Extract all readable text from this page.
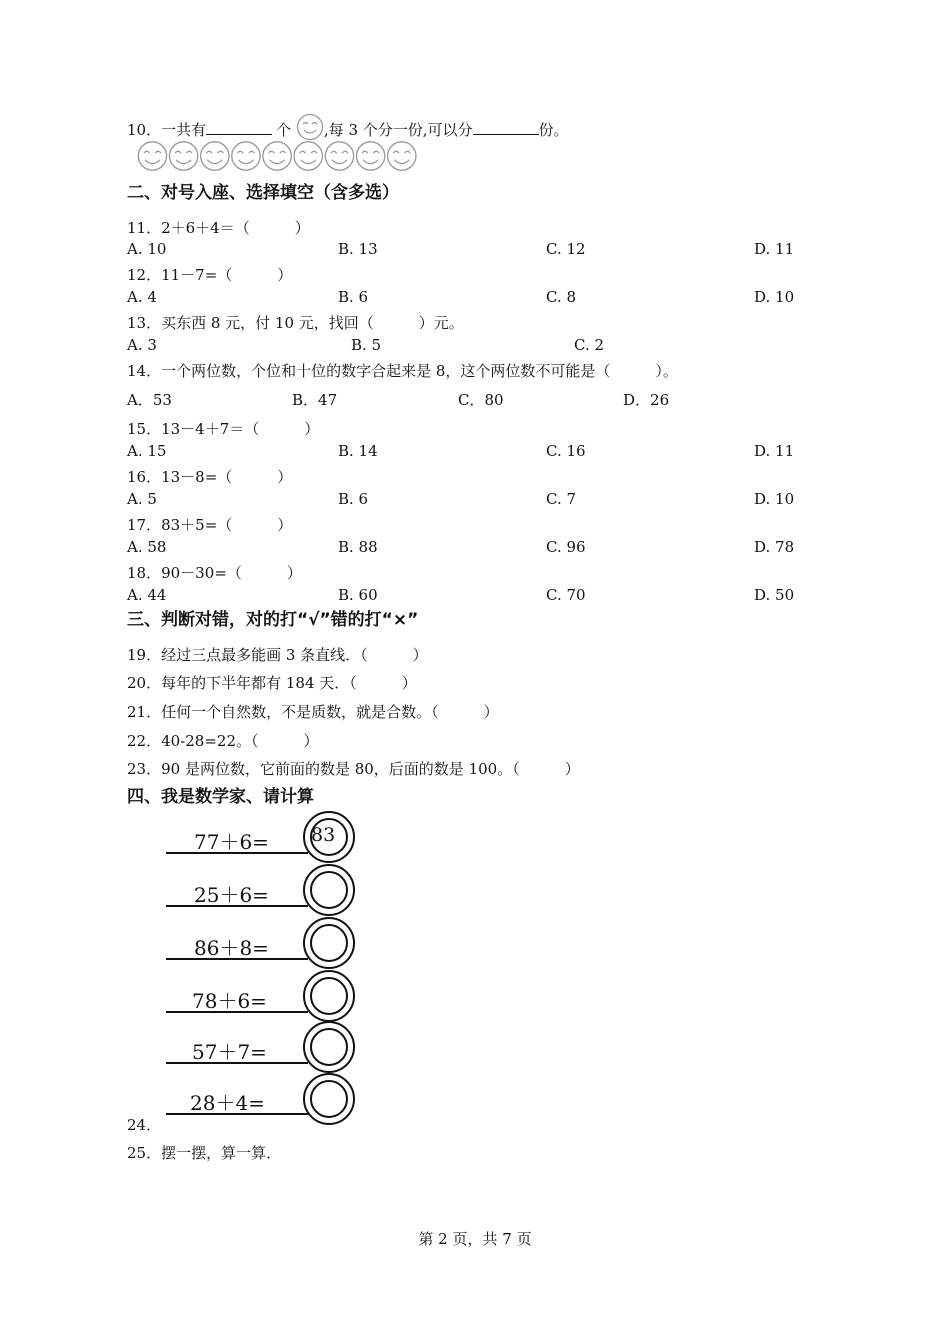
10．一共有	个 ,每 3 个分一份,可以分	份。
二、对号入座、选择填空（含多选）
11．2＋6＋4＝（　　　）
A. 10	B. 13	C. 12	D. 11
12．11－7=（　　　）
A. 4	B. 6	C. 8	D. 10
13．买东西 8 元，付 10 元，找回（　　　）元。
A. 3	B. 5	C. 2
14．一个两位数，个位和十位的数字合起来是 8，这个两位数不可能是（　　　）。
A．53	B．47	C．80	D．26
15．13－4＋7＝（　　　）
A. 15	B. 14	C. 16	D. 11
16．13－8=（　　　）
A. 5	B. 6	C. 7	D. 10
17．83＋5=（　　　）
A. 58	B. 88	C. 96	D. 78
18．90－30=（　　　）
A. 44	B. 60	C. 70	D. 50
三、判断对错，对的打“√”错的打“×”
19．经过三点最多能画 3 条直线．（　　　）
20．每年的下半年都有 184 天．（　　　）
21．任何一个自然数，不是质数，就是合数。（　　　）
22．40-28=22。（　　　）
23．90 是两位数，它前面的数是 80，后面的数是 100。（　　　）
四、我是数学家、请计算
77＋6= 83
25＋6=
86＋8=
78＋6=
57＋7=
28＋4=
24．
25．摆一摆，算一算．
第 2 页，共 7 页
